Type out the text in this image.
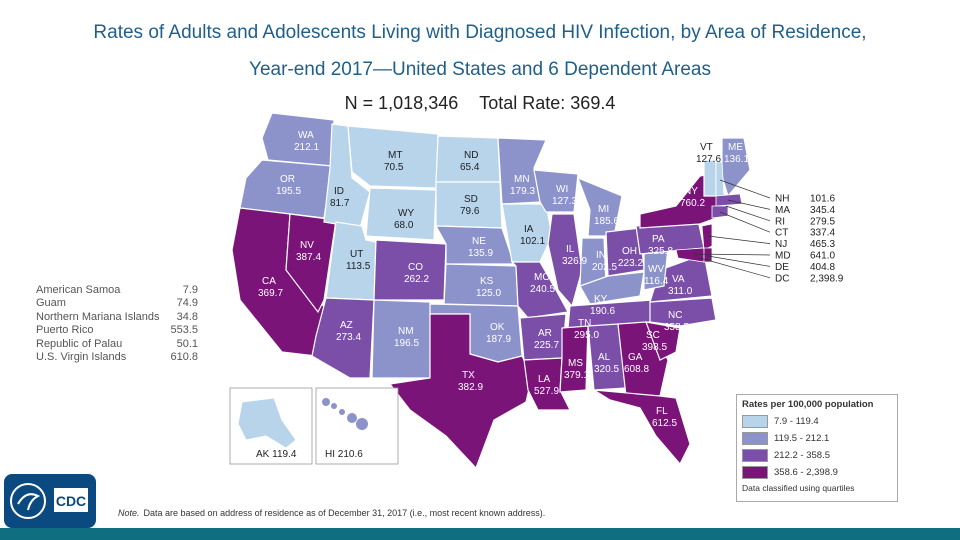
Rates of Adults and Adolescents Living with Diagnosed HIV Infection, by Area of Residence,
Year-end 2017—United States and 6 Dependent Areas
N = 1,018,346 Total Rate: 369.4
WA 212.1
OR 195.5
CA 369.7
NV 387.4
ID 81.7
MT 70.5
WY 68.0
UT 113.5
AZ 273.4
CO 262.2
NM 196.5
ND 65.4
SD 79.6
NE 135.9
KS 125.0
OK 187.9
TX 382.9
MN 179.3
IA 102.1
MO 240.5
AR 225.7
LA 527.9
WI 127.3
IL 326.9
MI 185.6
IN 202.5
OH 223.2
KY 190.6
TN 295.0
MS 379.1
AL 320.5
GA 608.8
FL 612.5
SC 398.5
NC 358.5
VA 311.0
WV 116.4
PA 325.8
NY 760.2
VT 127.6
ME 136.1
NH 101.6
MA 345.4
RI	279.5
CT 337.4
NJ 465.3
MD 641.0
DE 404.8
DC 2,398.9
AK 119.4	HI 210.6
American Samoa	7.9
Guam	74.9
Northern Mariana Islands 34.8
Puerto Rico	553.5
Republic of Palau	50.1
U.S. Virgin Islands	610.8
Rates per 100,000 population
7.9 - 119.4
119.5 - 212.1
212.2 - 358.5
358.6 - 2,398.9
Data classified using quartiles
Note. Data are based on address of residence as of December 31, 2017 (i.e., most recent known address).
CDC
